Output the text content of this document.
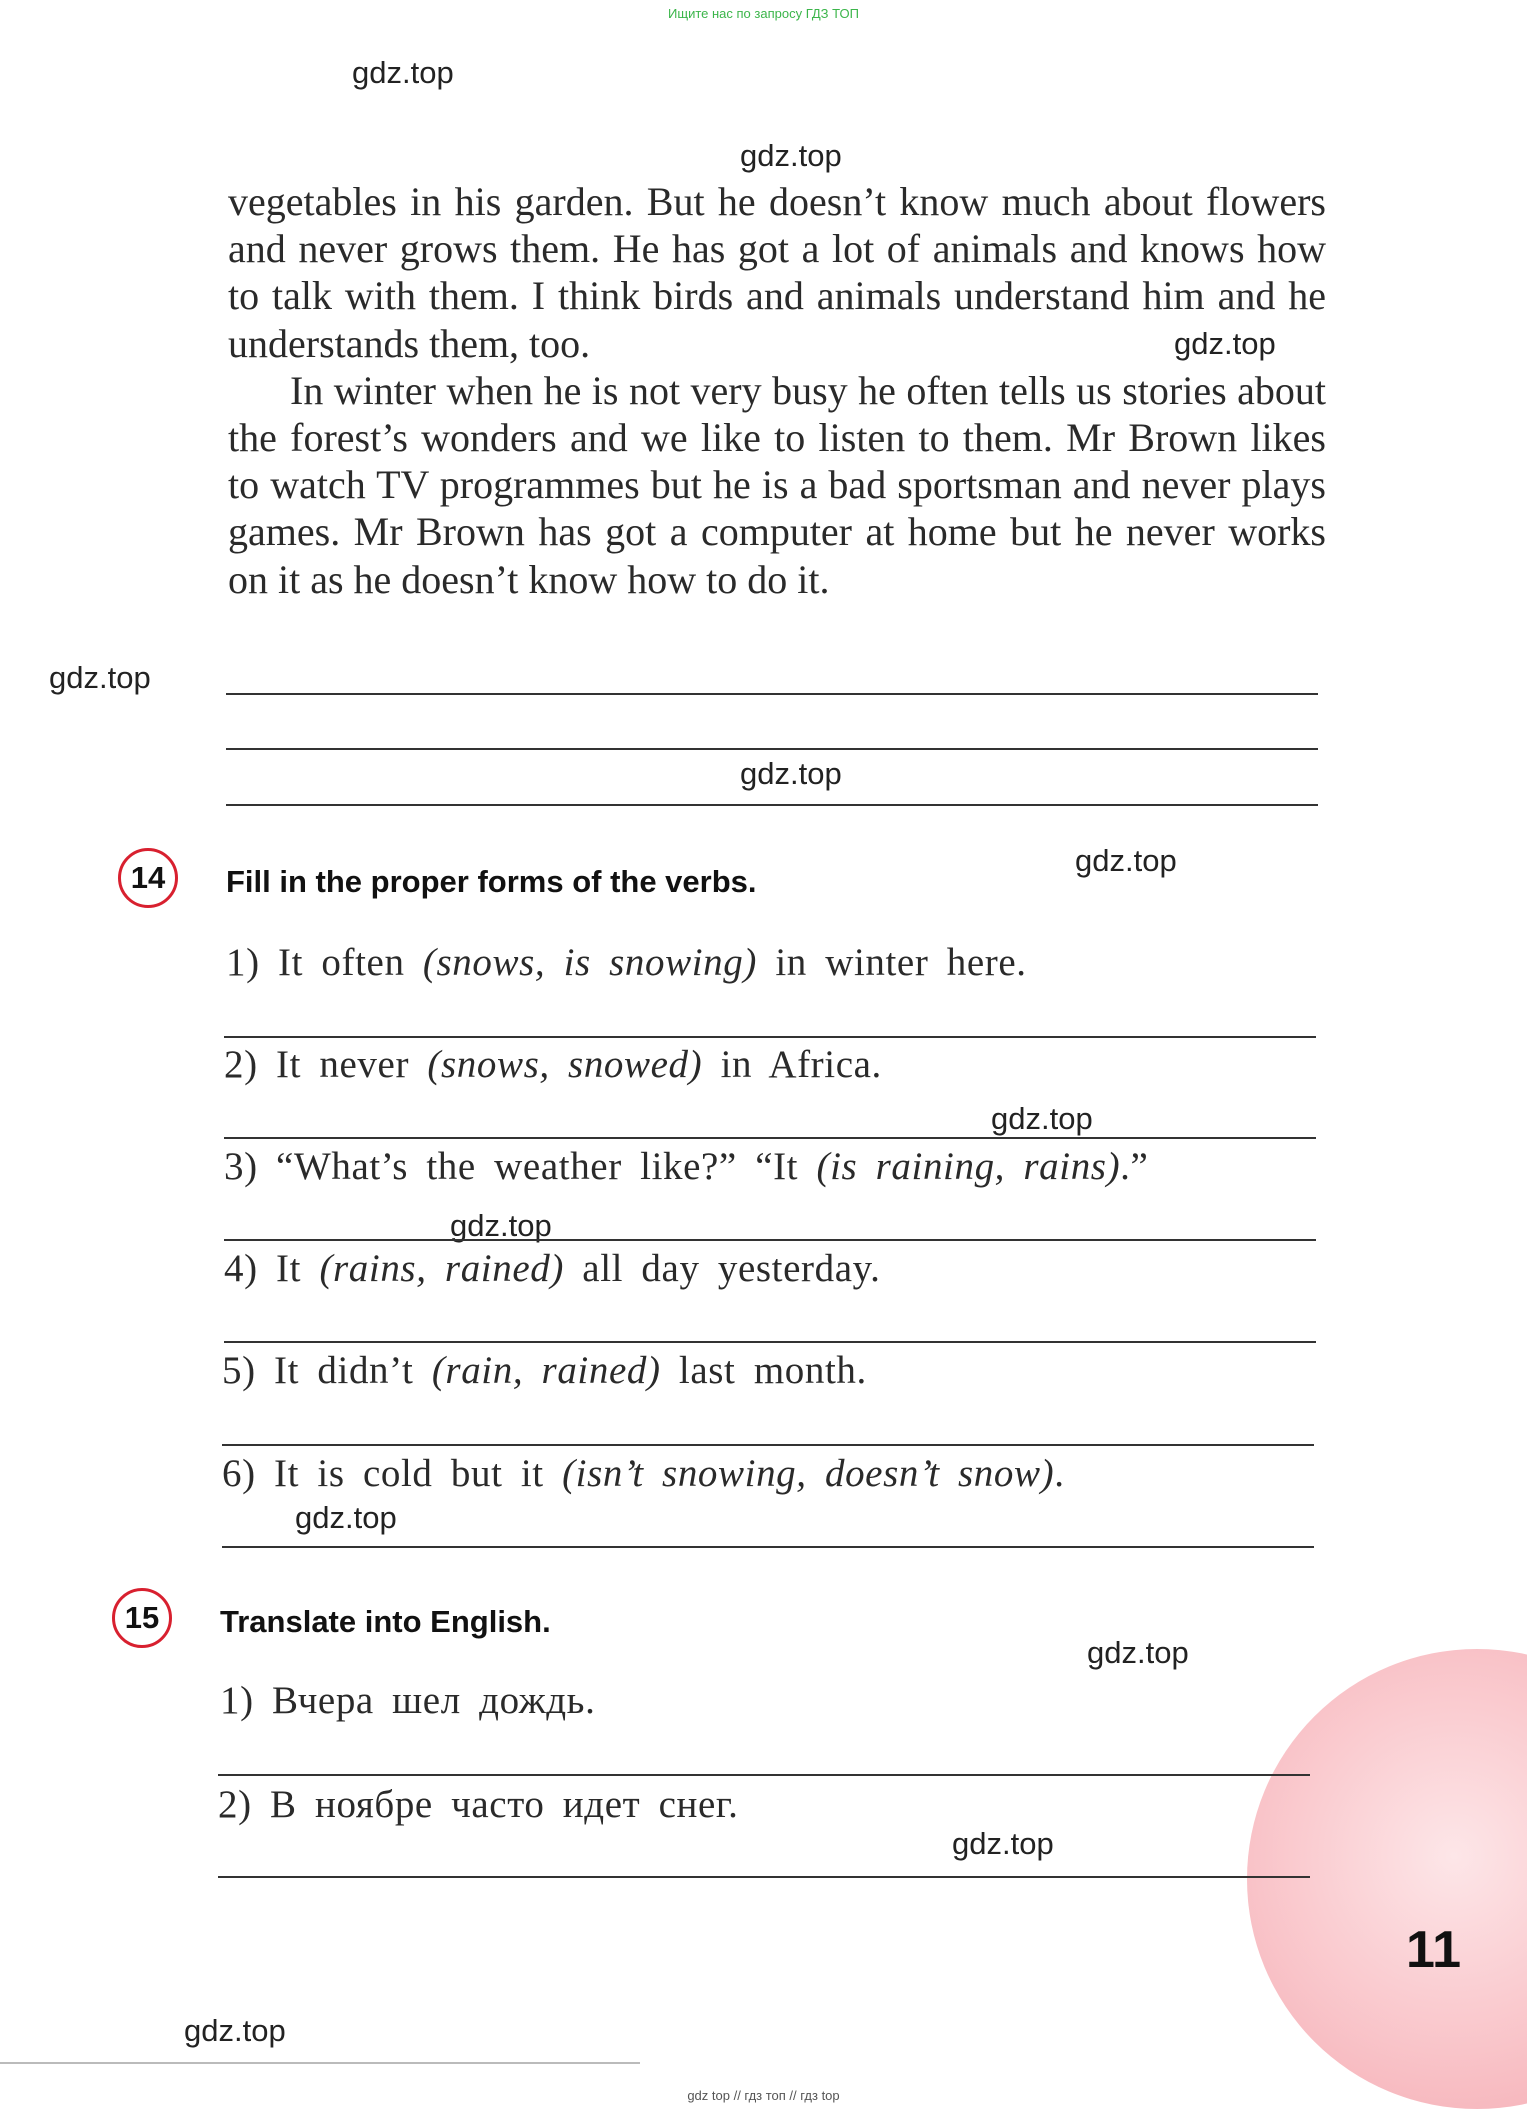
Ищите нас по запросу ГДЗ ТОП
gdz.top
gdz.top
gdz.top
gdz.top
gdz.top
gdz.top
gdz.top
gdz.top
gdz.top
gdz.top
gdz.top
gdz.top

vegetables in his garden. But he doesn’t know much about flowers and never grows them. He has got a lot of animals and knows how to talk with them. I think birds and animals understand him and he understands them, too.

In winter when he is not very busy he often tells us stories about the forest’s wonders and we like to listen to them. Mr Brown likes to watch TV programmes but he is a bad sportsman and never plays games. Mr Brown has got a computer at home but he never works on it as he doesn’t know how to do it.

14	Fill in the proper forms of the verbs.
1) It often (snows, is snowing) in winter here.
2) It never (snows, snowed) in Africa.
3) “What’s the weather like?” “It (is raining, rains).”
4) It (rains, rained) all day yesterday.
5) It didn’t (rain, rained) last month.
6) It is cold but it (isn’t snowing, doesn’t snow).
15	Translate into English.
1) Вчера шел дождь.
2) В ноябре часто идет снег.
11
gdz top // гдз топ // гдз top
